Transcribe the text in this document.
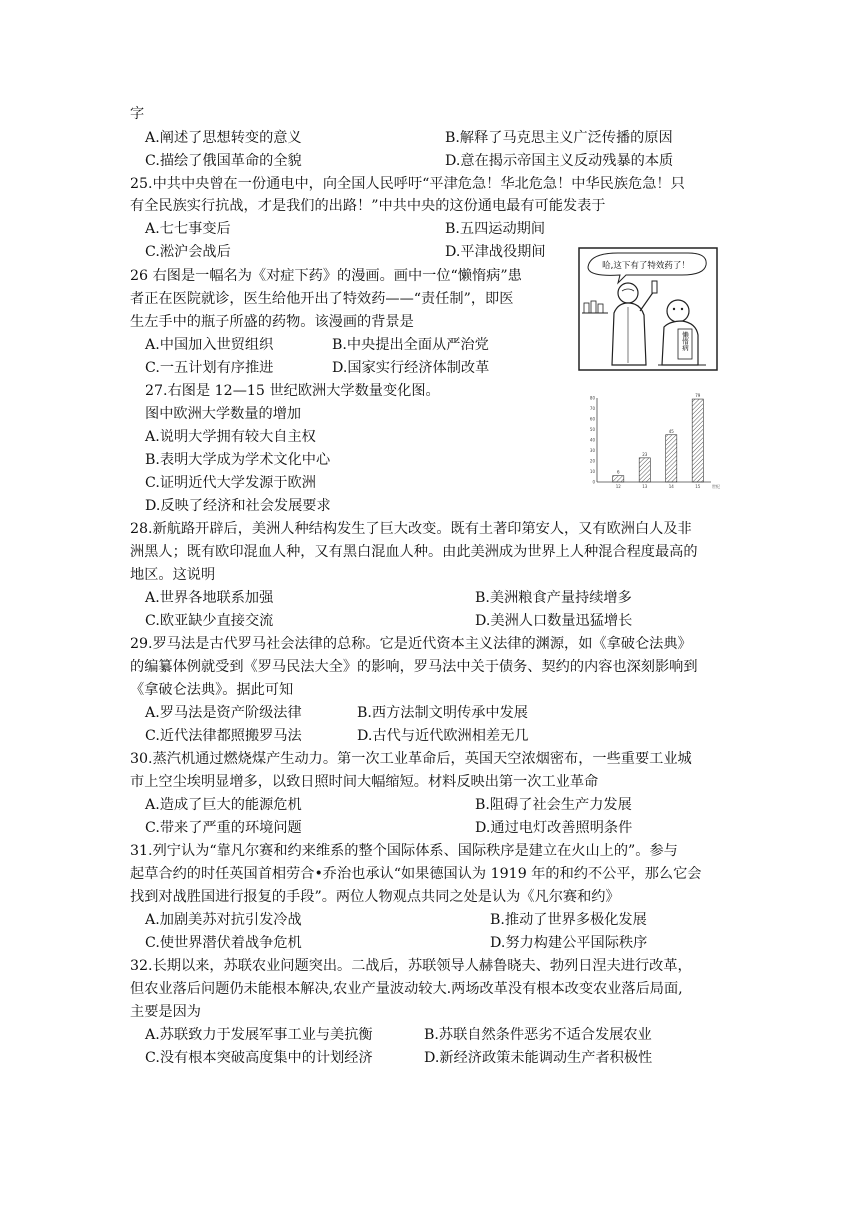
字
A.阐述了思想转变的意义	B.解释了马克思主义广泛传播的原因
C.描绘了俄国革命的全貌	D.意在揭示帝国主义反动残暴的本质
25.中共中央曾在一份通电中，向全国人民呼吁“平津危急！华北危急！中华民族危急！只
有全民族实行抗战，才是我们的出路！”中共中央的这份通电最有可能发表于
A.七七事变后	B.五四运动期间
C.淞沪会战后	D.平津战役期间
26 右图是一幅名为《对症下药》的漫画。画中一位“懒惰病”患
者正在医院就诊，医生给他开出了特效药——“责任制”，即医
生左手中的瓶子所盛的药物。该漫画的背景是
A.中国加入世贸组织	B.中央提出全面从严治党
C.一五计划有序推进	D.国家实行经济体制改革
哈,这下有了特效药了！
懒惰病
27.右图是 12—15 世纪欧洲大学数量变化图。
图中欧洲大学数量的增加
A.说明大学拥有较大自主权
B.表明大学成为学术文化中心
C.证明近代大学发源于欧洲
D.反映了经济和社会发展要求
0
10
20
30
40
50
60
70
80
6
12
23
13
45
14
79
15	世纪
28.新航路开辟后，美洲人种结构发生了巨大改变。既有土著印第安人，又有欧洲白人及非
洲黑人；既有欧印混血人种，又有黑白混血人种。由此美洲成为世界上人种混合程度最高的
地区。这说明
A.世界各地联系加强	B.美洲粮食产量持续增多
C.欧亚缺少直接交流	D.美洲人口数量迅猛增长
29.罗马法是古代罗马社会法律的总称。它是近代资本主义法律的渊源，如《拿破仑法典》
的编纂体例就受到《罗马民法大全》的影响，罗马法中关于债务、契约的内容也深刻影响到
《拿破仑法典》。据此可知
A.罗马法是资产阶级法律	B.西方法制文明传承中发展
C.近代法律都照搬罗马法	D.古代与近代欧洲相差无几
30.蒸汽机通过燃烧煤产生动力。第一次工业革命后，英国天空浓烟密布，一些重要工业城
市上空尘埃明显增多，以致日照时间大幅缩短。材料反映出第一次工业革命
A.造成了巨大的能源危机	B.阻碍了社会生产力发展
C.带来了严重的环境问题	D.通过电灯改善照明条件
31.列宁认为“靠凡尔赛和约来维系的整个国际体系、国际秩序是建立在火山上的”。参与
起草合约的时任英国首相劳合•乔治也承认“如果德国认为 1919 年的和约不公平，那么它会
找到对战胜国进行报复的手段”。两位人物观点共同之处是认为《凡尔赛和约》
A.加剧美苏对抗引发冷战	B.推动了世界多极化发展
C.使世界潜伏着战争危机	D.努力构建公平国际秩序
32.长期以来，苏联农业问题突出。二战后，苏联领导人赫鲁晓夫、勃列日涅夫进行改革，
但农业落后问题仍未能根本解决,农业产量波动较大.两场改革没有根本改变农业落后局面,
主要是因为
A.苏联致力于发展军事工业与美抗衡	B.苏联自然条件恶劣不适合发展农业
C.没有根本突破高度集中的计划经济	D.新经济政策未能调动生产者积极性
